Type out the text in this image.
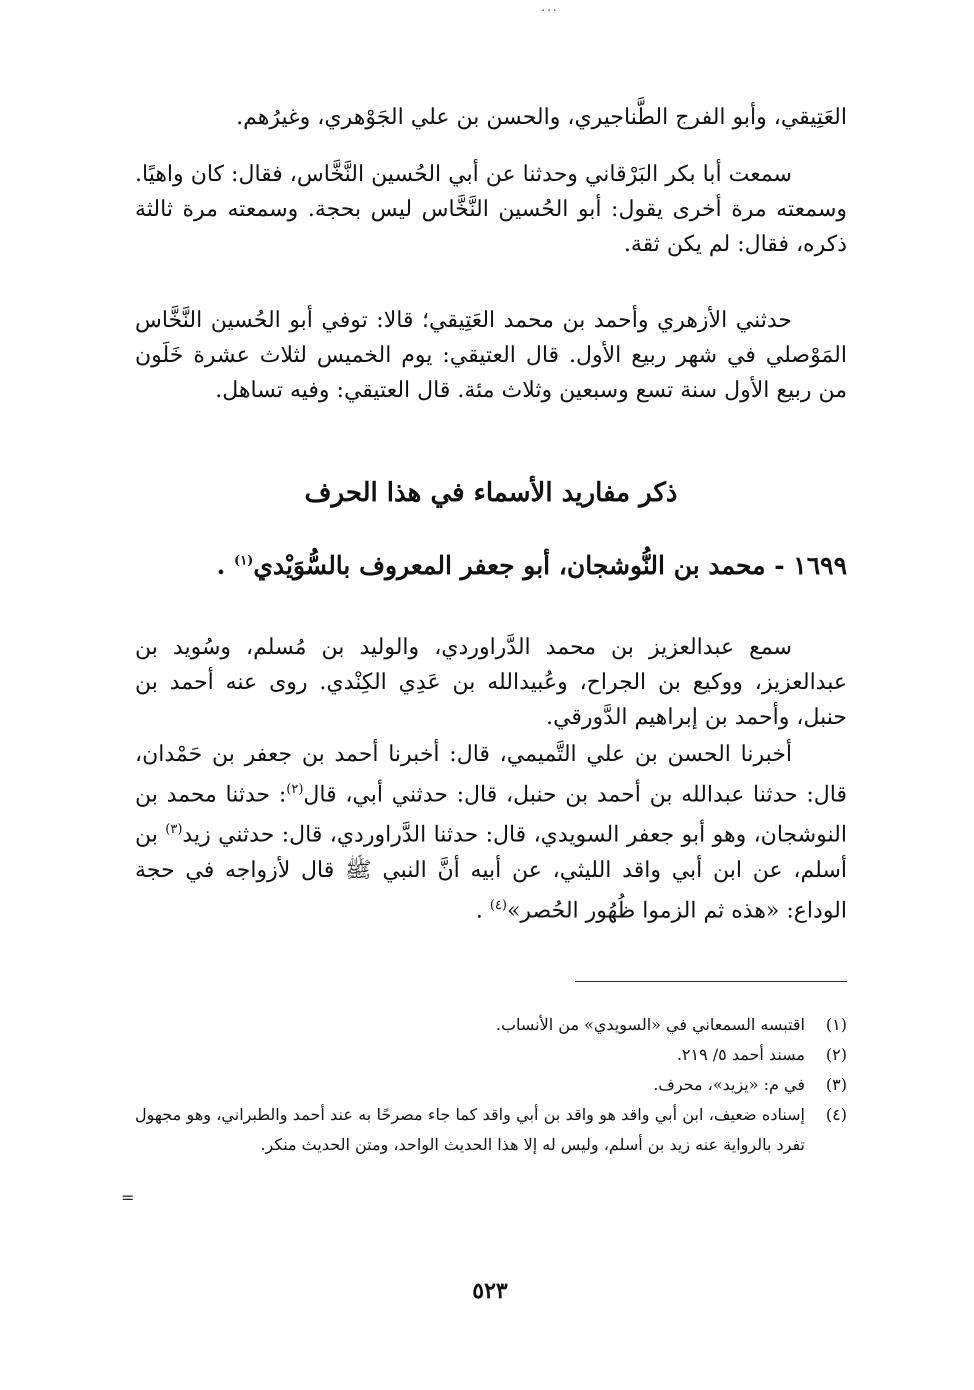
...

العَتِيقي، وأبو الفرج الطَّناجيري، والحسن بن علي الجَوْهري، وغيرُهم.

سمعت أبا بكر البَرْقاني وحدثنا عن أبي الحُسين النَّخَّاس، فقال: كان واهيًا. وسمعته مرة أخرى يقول: أبو الحُسين النَّخَّاس ليس بحجة. وسمعته مرة ثالثة ذكره، فقال: لم يكن ثقة.

حدثني الأزهري وأحمد بن محمد العَتِيقي؛ قالا: توفي أبو الحُسين النَّخَّاس المَوْصلي في شهر ربيع الأول. قال العتيقي: يوم الخميس لثلاث عشرة خَلَون من ربيع الأول سنة تسع وسبعين وثلاث مئة. قال العتيقي: وفيه تساهل.

ذكر مفاريد الأسماء في هذا الحرف
١٦٩٩ - محمد بن النُّوشجان، أبو جعفر المعروف بالسُّوَيْدي$^{(١)}$ .

سمع عبدالعزيز بن محمد الدَّراوردي، والوليد بن مُسلم، وسُويد بن عبدالعزيز، ووكيع بن الجراح، وعُبيدالله بن عَدِي الكِنْدي. روى عنه أحمد بن حنبل، وأحمد بن إبراهيم الدَّورقي.

أخبرنا الحسن بن علي التَّميمي، قال: أخبرنا أحمد بن جعفر بن حَمْدان، قال: حدثنا عبدالله بن أحمد بن حنبل، قال: حدثني أبي، قال$^{(٢)}$: حدثنا محمد بن النوشجان، وهو أبو جعفر السويدي، قال: حدثنا الدَّراوردي، قال: حدثني زيد$^{(٣)}$ بن أسلم، عن ابن أبي واقد الليثي، عن أبيه أنَّ النبي ﷺ قال لأزواجه في حجة الوداع: «هذه ثم الزموا ظُهُور الحُصر»$^{(٤)}$ .

(١)
اقتبسه السمعاني في «السويدي» من الأنساب.
(٢)
مسند أحمد ٥/ ٢١٩.
(٣)
في م: «يزيد»، محرف.
(٤)
إسناده ضعيف، ابن أبي واقد هو واقد بن أبي واقد كما جاء مصرحًا به عند أحمد والطبراني، وهو مجهول تفرد بالرواية عنه زيد بن أسلم، وليس له إلا هذا الحديث الواحد، ومتن الحديث منكر.
=
٥٢٣
